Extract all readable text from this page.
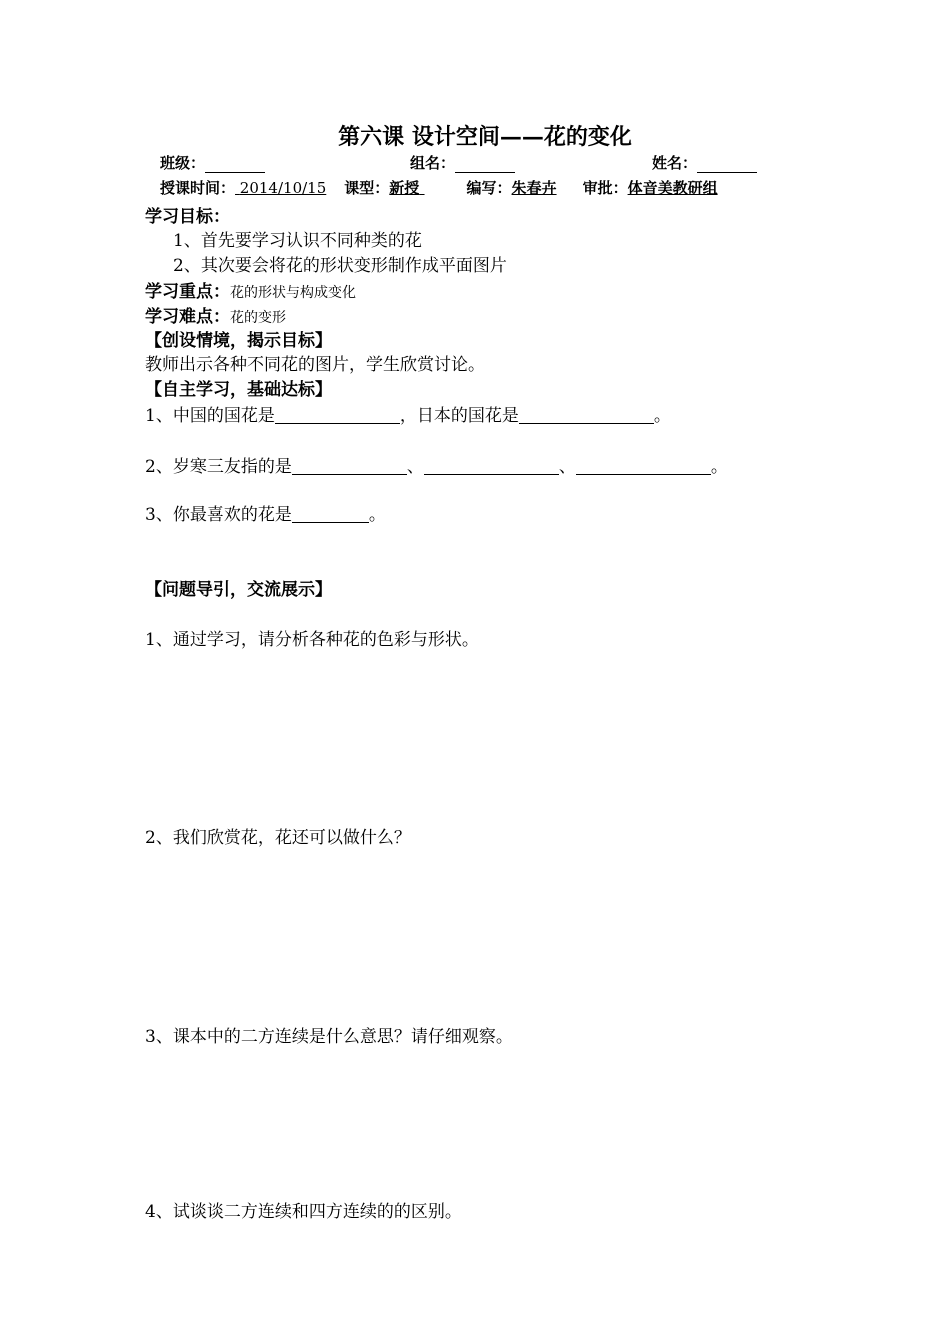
第六课 设计空间——花的变化
班级：	组名：	姓名：
授课时间： 2014/10/15 课型：新授	编写：朱春卉 审批：体音美教研组
学习目标：
1、首先要学习认识不同种类的花
2、其次要会将花的形状变形制作成平面图片
学习重点：花的形状与构成变化
学习难点：花的变形
【创设情境，揭示目标】
教师出示各种不同花的图片，学生欣赏讨论。
【自主学习，基础达标】
1、中国的国花是	，日本的国花是	。
2、岁寒三友指的是	、	、	。
3、你最喜欢的花是	。
【问题导引，交流展示】
1、通过学习，请分析各种花的色彩与形状。
2、我们欣赏花，花还可以做什么？
3、课本中的二方连续是什么意思？请仔细观察。
4、试谈谈二方连续和四方连续的的区别。
